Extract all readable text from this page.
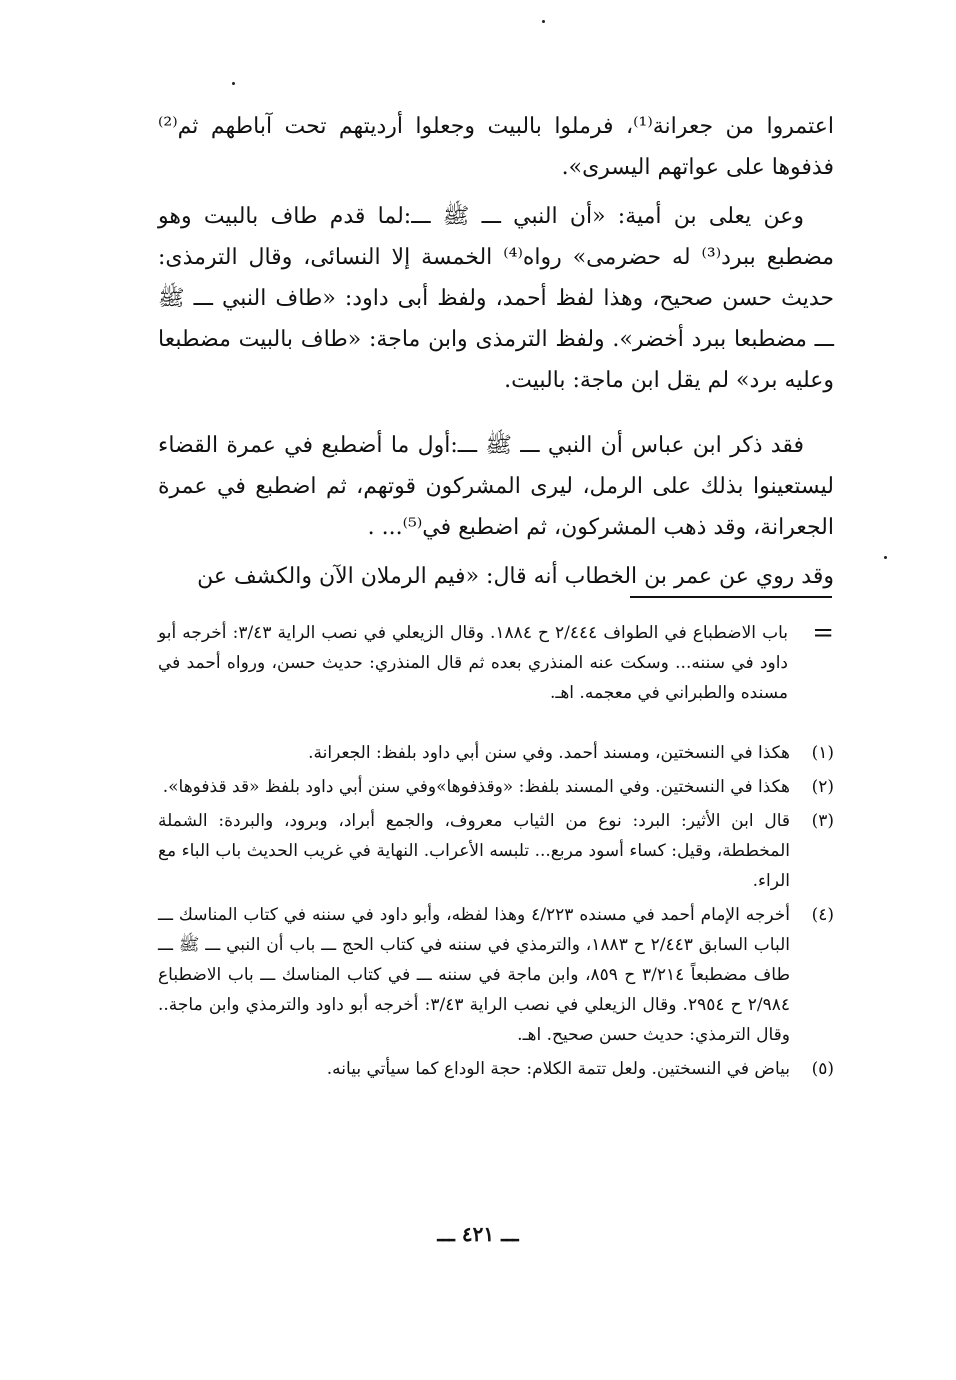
اعتمروا من جعرانة⁽¹⁾، فرملوا بالبيت وجعلوا أرديتهم تحت آباطهم ثم⁽²⁾ فذفوها على عواتهم اليسرى».

وعن يعلى بن أمية: «أن النبي ـــ ﷺ ـــ:لما قدم طاف بالبيت وهو مضطبع ببرد⁽³⁾ له حضرمى» رواه⁽⁴⁾ الخمسة إلا النسائى، وقال الترمذى: حديث حسن صحيح، وهذا لفظ أحمد، ولفظ أبى داود: «طاف النبي ـــ ﷺ ـــ مضطبعا ببرد أخضر». ولفظ الترمذى وابن ماجة: «طاف بالبيت مضطبعا وعليه برد» لم يقل ابن ماجة: بالبيت.

فقد ذكر ابن عباس أن النبي ـــ ﷺ ـــ:أول ما أضطبع في عمرة القضاء ليستعينوا بذلك على الرمل، ليرى المشركون قوتهم، ثم اضطبع في عمرة الجعرانة، وقد ذهب المشركون، ثم اضطبع في⁽⁵⁾... .

وقد روي عن عمر بن الخطاب أنه قال: «فيم الرملان الآن والكشف عن

=
باب الاضطباع في الطواف ٢/٤٤٤ ح ١٨٨٤. وقال الزيعلي في نصب الراية ٣/٤٣: أخرجه أبو داود في سننه... وسكت عنه المنذري بعده ثم قال المنذري: حديث حسن، ورواه أحمد في مسنده والطبراني في معجمه. اهـ.
(١)
هكذا في النسختين، ومسند أحمد. وفي سنن أبي داود بلفظ: الجعرانة.
(٢)
هكذا في النسختين. وفي المسند بلفظ: «وقذفوها»وفي سنن أبي داود بلفظ «قد قذفوها».
(٣)
قال ابن الأثير: البرد: نوع من الثياب معروف، والجمع أبراد، وبرود، والبردة: الشملة المخططة، وقيل: كساء أسود مربع... تلبسه الأعراب. النهاية في غريب الحديث باب الباء مع الراء.
(٤)
أخرجه الإمام أحمد في مسنده ٤/٢٢٣ وهذا لفظه، وأبو داود في سننه في كتاب المناسك ـــ الباب السابق ٢/٤٤٣ ح ١٨٨٣، والترمذي في سننه في كتاب الحج ـــ باب أن النبي ـــ ﷺ ـــ طاف مضطبعاً ٣/٢١٤ ح ٨٥٩، وابن ماجة في سننه ـــ في كتاب المناسك ـــ باب الاضطباع ٢/٩٨٤ ح ٢٩٥٤. وقال الزيعلي في نصب الراية ٣/٤٣: أخرجه أبو داود والترمذي وابن ماجة.. وقال الترمذي: حديث حسن صحيح. اهـ.
(٥)
بياض في النسختين. ولعل تتمة الكلام: حجة الوداع كما سيأتي بيانه.
ـــ ٤٢١ ـــ
